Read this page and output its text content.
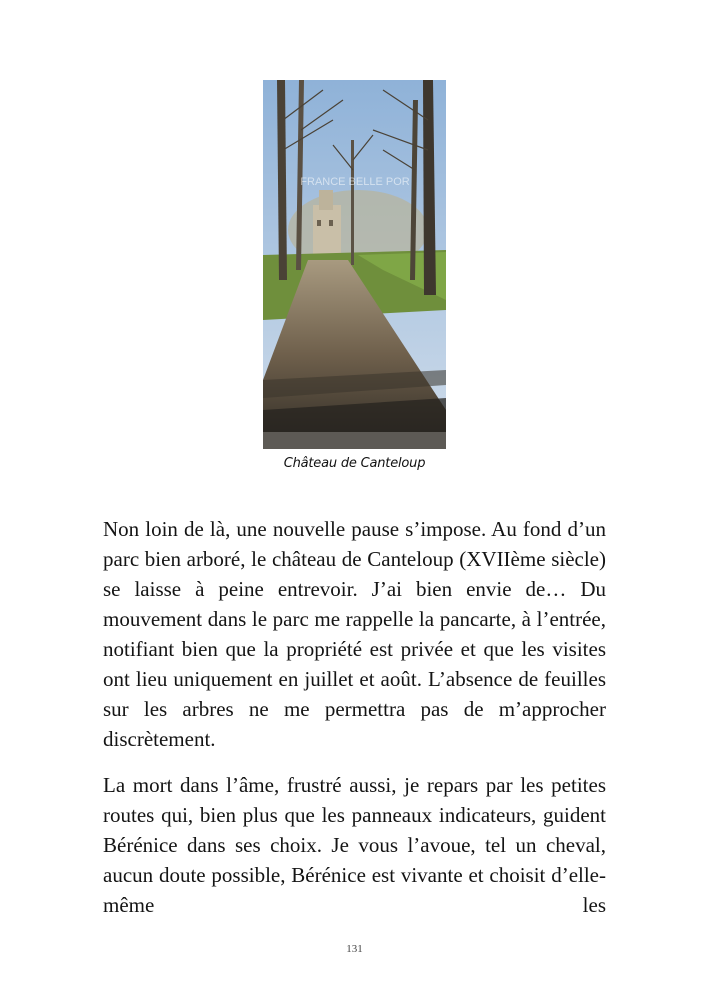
FRANCE BELLE POR
Château de Canteloup

Non loin de là, une nouvelle pause s’impose. Au fond d’un parc bien arboré, le château de Canteloup (XVIIème siècle) se laisse à peine entrevoir. J’ai bien envie de… Du mouvement dans le parc me rappelle la pancarte, à l’entrée, notifiant bien que la propriété est privée et que les visites ont lieu uniquement en juillet et août. L’absence de feuilles sur les arbres ne me permettra pas de m’approcher discrètement.

La mort dans l’âme, frustré aussi, je repars par les petites routes qui, bien plus que les panneaux indicateurs, guident Bérénice dans ses choix. Je vous l’avoue, tel un cheval, aucun doute possible, Bérénice est vivante et choisit d’elle-même les

131
